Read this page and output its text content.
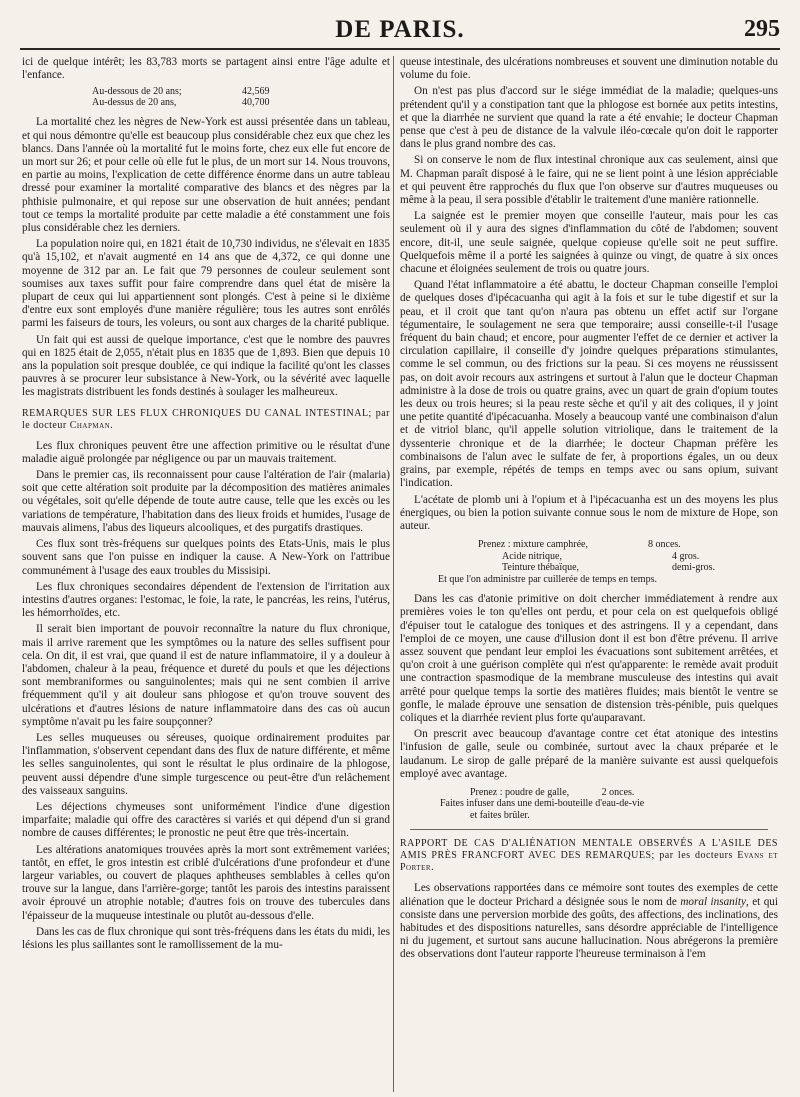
DE PARIS.	295

ici de quelque intérêt; les 83,783 morts se partagent ainsi entre l'âge adulte et l'enfance.

Au-dessous de 20 ans;	42,569
Au-dessus de 20 ans,	40,700

La mortalité chez les nègres de New-York est aussi présentée dans un tableau, et qui nous démontre qu'elle est beaucoup plus considérable chez eux que chez les blancs. Dans l'année où la mortalité fut le moins forte, chez eux elle fut encore de un mort sur 26; et pour celle où elle fut le plus, de un mort sur 14. Nous trouvons, en partie au moins, l'explication de cette différence énorme dans un autre tableau dressé pour examiner la mortalité comparative des blancs et des nègres par la phthisie pulmonaire, et qui repose sur une observation de huit années; pendant tout ce temps la mortalité produite par cette maladie a été constamment une fois plus considérable chez les derniers.

La population noire qui, en 1821 était de 10,730 individus, ne s'élevait en 1835 qu'à 15,102, et n'avait augmenté en 14 ans que de 4,372, ce qui donne une moyenne de 312 par an. Le fait que 79 personnes de couleur seulement sont soumises aux taxes suffit pour faire comprendre dans quel état de misère la plupart de ceux qui lui appartiennent sont plongés. C'est à peine si le dixième d'entre eux sont employés d'une manière régulière; tous les autres sont enrôlés parmi les faiseurs de tours, les voleurs, ou sont aux charges de la charité publique.

Un fait qui est aussi de quelque importance, c'est que le nombre des pauvres qui en 1825 était de 2,055, n'était plus en 1835 que de 1,893. Bien que depuis 10 ans la population soit presque doublée, ce qui indique la facilité qu'ont les classes pauvres à se procurer leur subsistance à New-York, ou la sévérité avec laquelle les magistrats distribuent les fonds destinés à soulager les malheureux.

REMARQUES SUR LES FLUX CHRONIQUES DU CANAL INTESTINAL; par le docteur Chapman.

Les flux chroniques peuvent être une affection primitive ou le résultat d'une maladie aiguë prolongée par négligence ou par un mauvais traitement.

Dans le premier cas, ils reconnaissent pour cause l'altération de l'air (malaria) soit que cette altération soit produite par la décomposition des matières animales ou végétales, soit qu'elle dépende de toute autre cause, telle que les excès ou les variations de température, l'habitation dans des lieux froids et humides, l'usage de mauvais alimens, l'abus des liqueurs alcooliques, et des purgatifs drastiques.

Ces flux sont très-fréquens sur quelques points des Etats-Unis, mais le plus souvent sans que l'on puisse en indiquer la cause. A New-York on l'attribue communément à l'usage des eaux troubles du Missisipi.

Les flux chroniques secondaires dépendent de l'extension de l'irritation aux intestins d'autres organes: l'estomac, le foie, la rate, le pancréas, les reins, l'utérus, les hémorrhoïdes, etc.

Il serait bien important de pouvoir reconnaître la nature du flux chronique, mais il arrive rarement que les symptômes ou la nature des selles suffisent pour cela. On dit, il est vrai, que quand il est de nature inflammatoire, il y a douleur à l'abdomen, chaleur à la peau, fréquence et dureté du pouls et que les déjections sont membraniformes ou sanguinolentes; mais qui ne sent combien il arrive fréquemment qu'il y ait douleur sans phlogose et qu'on trouve souvent des ulcérations et d'autres lésions de nature inflammatoire dans des cas où aucun symptôme n'avait pu les faire soupçonner?

Les selles muqueuses ou séreuses, quoique ordinairement produites par l'inflammation, s'observent cependant dans des flux de nature différente, et même les selles sanguinolentes, qui sont le résultat le plus ordinaire de la phlogose, peuvent aussi dépendre d'une simple turgescence ou peut-être d'un relâchement des vaisseaux sanguins.

Les déjections chymeuses sont uniformément l'indice d'une digestion imparfaite; maladie qui offre des caractères si variés et qui dépend d'un si grand nombre de causes différentes; le pronostic ne peut être que très-incertain.

Les altérations anatomiques trouvées après la mort sont extrêmement variées; tantôt, en effet, le gros intestin est criblé d'ulcérations d'une profondeur et d'une largeur variables, ou couvert de plaques aphtheuses semblables à celles qu'on trouve sur la langue, dans l'arrière-gorge; tantôt les parois des intestins paraissent avoir éprouvé un atrophie notable; d'autres fois on trouve des tubercules dans l'épaisseur de la muqueuse intestinale ou plutôt au-dessous d'elle.

Dans les cas de flux chronique qui sont très-fréquens dans les états du midi, les lésions les plus saillantes sont le ramollissement de la mu-

queuse intestinale, des ulcérations nombreuses et souvent une diminution notable du volume du foie.

On n'est pas plus d'accord sur le siége immédiat de la maladie; quelques-uns prétendent qu'il y a constipation tant que la phlogose est bornée aux petits intestins, et que la diarrhée ne survient que quand la rate a été envahie; le docteur Chapman pense que c'est à peu de distance de la valvule iléo-cœcale qu'on doit le rapporter dans le plus grand nombre des cas.

Si on conserve le nom de flux intestinal chronique aux cas seulement, ainsi que M. Chapman paraît disposé à le faire, qui ne se lient point à une lésion appréciable et qui peuvent être rapprochés du flux que l'on observe sur d'autres muqueuses ou même à la peau, il sera possible d'établir le traitement d'une manière rationnelle.

La saignée est le premier moyen que conseille l'auteur, mais pour les cas seulement où il y aura des signes d'inflammation du côté de l'abdomen; souvent encore, dit-il, une seule saignée, quelque copieuse qu'elle soit ne peut suffire. Quelquefois même il a porté les saignées à quinze ou vingt, de quatre à six onces chacune et éloignées seulement de trois ou quatre jours.

Quand l'état inflammatoire a été abattu, le docteur Chapman conseille l'emploi de quelques doses d'ipécacuanha qui agit à la fois et sur le tube digestif et sur la peau, et il croit que tant qu'on n'aura pas obtenu un effet actif sur l'organe tégumentaire, le soulagement ne sera que temporaire; aussi conseille-t-il l'usage fréquent du bain chaud; et encore, pour augmenter l'effet de ce dernier et activer la circulation capillaire, il conseille d'y joindre quelques préparations stimulantes, comme le sel commun, ou des frictions sur la peau. Si ces moyens ne réussissent pas, on doit avoir recours aux astringens et surtout à l'alun que le docteur Chapman administre à la dose de trois ou quatre grains, avec un quart de grain d'opium toutes les deux ou trois heures; si la peau reste sèche et qu'il y ait des coliques, il y joint une petite quantité d'ipécacuanha. Mosely a beaucoup vanté une combinaison d'alun et de vitriol blanc, qu'il appelle solution vitriolique, dans le traitement de la dyssenterie chronique et de la diarrhée; le docteur Chapman préfère les combinaisons de l'alun avec le sulfate de fer, à proportions égales, un ou deux grains, par exemple, répétés de temps en temps avec ou sans opium, suivant l'indication.

L'acétate de plomb uni à l'opium et à l'ipécacuanha est un des moyens les plus énergiques, ou bien la potion suivante connue sous le nom de mixture de Hope, son auteur.

Prenez : mixture camphrée,	8 onces.
Acide nitrique,	4 gros.
Teinture thébaïque,	demi-gros.
Et que l'on administre par cuillerée de temps en temps.

Dans les cas d'atonie primitive on doit chercher immédiatement à rendre aux premières voies le ton qu'elles ont perdu, et pour cela on est quelquefois obligé d'épuiser tout le catalogue des toniques et des astringens. Il y a cependant, dans l'emploi de ce moyen, une cause d'illusion dont il est bon d'être prévenu. Il arrive assez souvent que pendant leur emploi les évacuations sont subitement arrêtées, et qu'on croit à une guérison complète qui n'est qu'apparente: le remède avait produit une contraction spasmodique de la membrane musculeuse des intestins qui avait arrêté pour quelque temps la sortie des matières fluides; mais bientôt le ventre se gonfle, le malade éprouve une sensation de distension très-pénible, puis quelques coliques et la diarrhée revient plus forte qu'auparavant.

On prescrit avec beaucoup d'avantage contre cet état atonique des intestins l'infusion de galle, seule ou combinée, surtout avec la chaux préparée et le laudanum. Le sirop de galle préparé de la manière suivante est aussi quelquefois employé avec avantage.

Prenez : poudre de galle,	2 onces.
Faites infuser dans une demi-bouteille d'eau-de-vie
et faites brûler.

RAPPORT DE CAS D'ALIÉNATION MENTALE OBSERVÉS A L'ASILE DES AMIS PRÈS FRANCFORT AVEC DES REMARQUES; par les docteurs Evans et Porter.

Les observations rapportées dans ce mémoire sont toutes des exemples de cette aliénation que le docteur Prichard a désignée sous le nom de moral insanity, et qui consiste dans une perversion morbide des goûts, des affections, des inclinations, des habitudes et des dispositions naturelles, sans désordre appréciable de l'intelligence ni du jugement, et surtout sans aucune hallucination. Nous abrégerons la première des observations dont l'auteur rapporte l'heureuse terminaison à l'em
